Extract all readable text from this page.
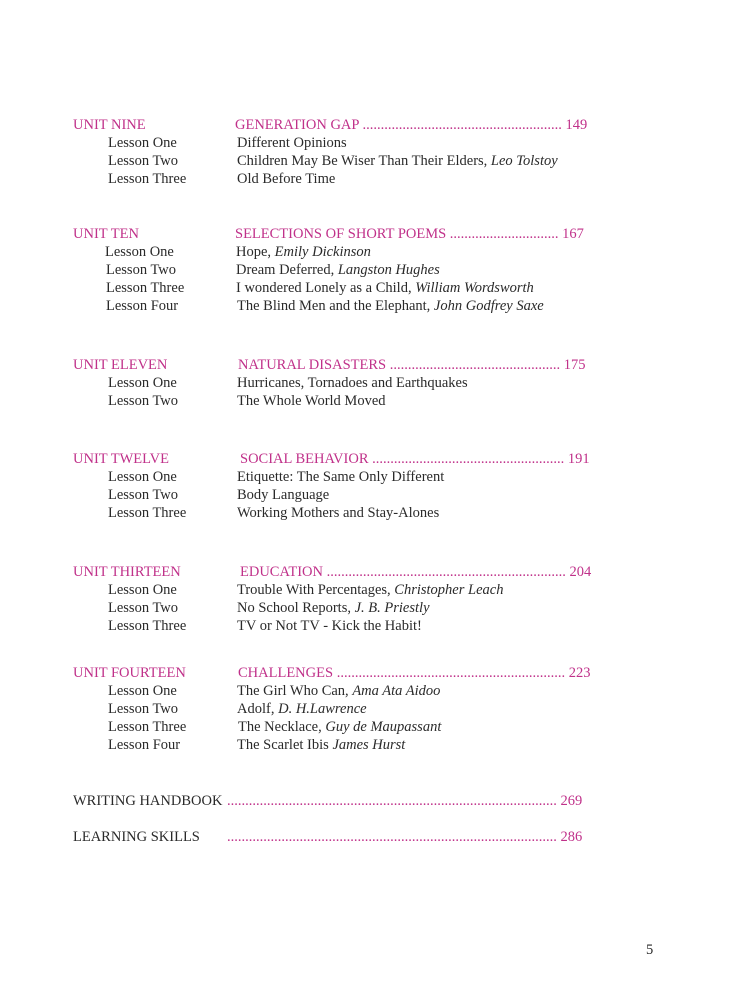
UNIT NINE	GENERATION GAP ....................................................... 149
Lesson One	Different Opinions
Lesson Two	Children May Be Wiser Than Their Elders, Leo Tolstoy
Lesson Three	Old Before Time
UNIT TEN	SELECTIONS OF SHORT POEMS .............................. 167
Lesson One	Hope, Emily Dickinson
Lesson Two	Dream Deferred, Langston Hughes
Lesson Three	I wondered Lonely as a Child, William Wordsworth
Lesson Four	The Blind Men and the Elephant, John Godfrey Saxe
UNIT ELEVEN	NATURAL DISASTERS ............................................... 175
Lesson One	Hurricanes, Tornadoes and Earthquakes
Lesson Two	The Whole World Moved
UNIT TWELVE	SOCIAL BEHAVIOR ..................................................... 191
Lesson One	Etiquette: The Same Only Different
Lesson Two	Body Language
Lesson Three	Working Mothers and Stay-Alones
UNIT THIRTEEN	EDUCATION .................................................................. 204
Lesson One	Trouble With Percentages, Christopher Leach
Lesson Two	No School Reports, J. B. Priestly
Lesson Three	TV or Not TV - Kick the Habit!
UNIT FOURTEEN	CHALLENGES ............................................................... 223
Lesson One	The Girl Who Can, Ama Ata Aidoo
Lesson Two	Adolf, D. H.Lawrence
Lesson Three	The Necklace, Guy de Maupassant
Lesson Four	The Scarlet Ibis James Hurst
WRITING HANDBOOK ........................................................................................... 269
LEARNING SKILLS ........................................................................................... 286
5
